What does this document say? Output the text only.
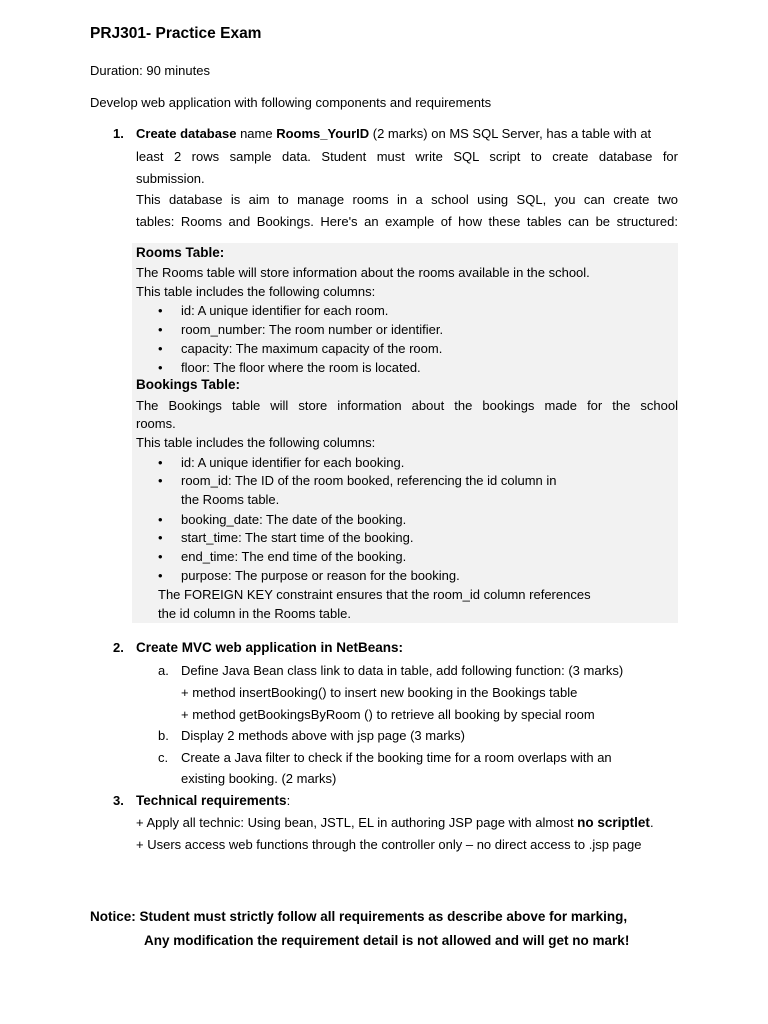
PRJ301- Practice Exam
Duration: 90 minutes
Develop web application with following components and requirements
1. Create database name Rooms_YourID (2 marks) on MS SQL Server, has a table with at
least 2 rows sample data. Student must write SQL script to create database for
submission.
This database is aim to manage rooms in a school using SQL, you can create two
tables: Rooms and Bookings. Here's an example of how these tables can be structured:
Rooms Table:
The Rooms table will store information about the rooms available in the school.
This table includes the following columns:
• id: A unique identifier for each room.
• room_number: The room number or identifier.
• capacity: The maximum capacity of the room.
• floor: The floor where the room is located.
Bookings Table:
The Bookings table will store information about the bookings made for the school
rooms.
This table includes the following columns:
• id: A unique identifier for each booking.
• room_id: The ID of the room booked, referencing the id column in
the Rooms table.
• booking_date: The date of the booking.
• start_time: The start time of the booking.
• end_time: The end time of the booking.
• purpose: The purpose or reason for the booking.
The FOREIGN KEY constraint ensures that the room_id column references
the id column in the Rooms table.
2. Create MVC web application in NetBeans:
a. Define Java Bean class link to data in table, add following function: (3 marks)
+ method insertBooking() to insert new booking in the Bookings table
+ method getBookingsByRoom () to retrieve all booking by special room
b. Display 2 methods above with jsp page (3 marks)
c. Create a Java filter to check if the booking time for a room overlaps with an
existing booking. (2 marks)
3. Technical requirements:
+ Apply all technic: Using bean, JSTL, EL in authoring JSP page with almost no scriptlet.
+ Users access web functions through the controller only – no direct access to .jsp page
Notice: Student must strictly follow all requirements as describe above for marking,
Any modification the requirement detail is not allowed and will get no mark!
